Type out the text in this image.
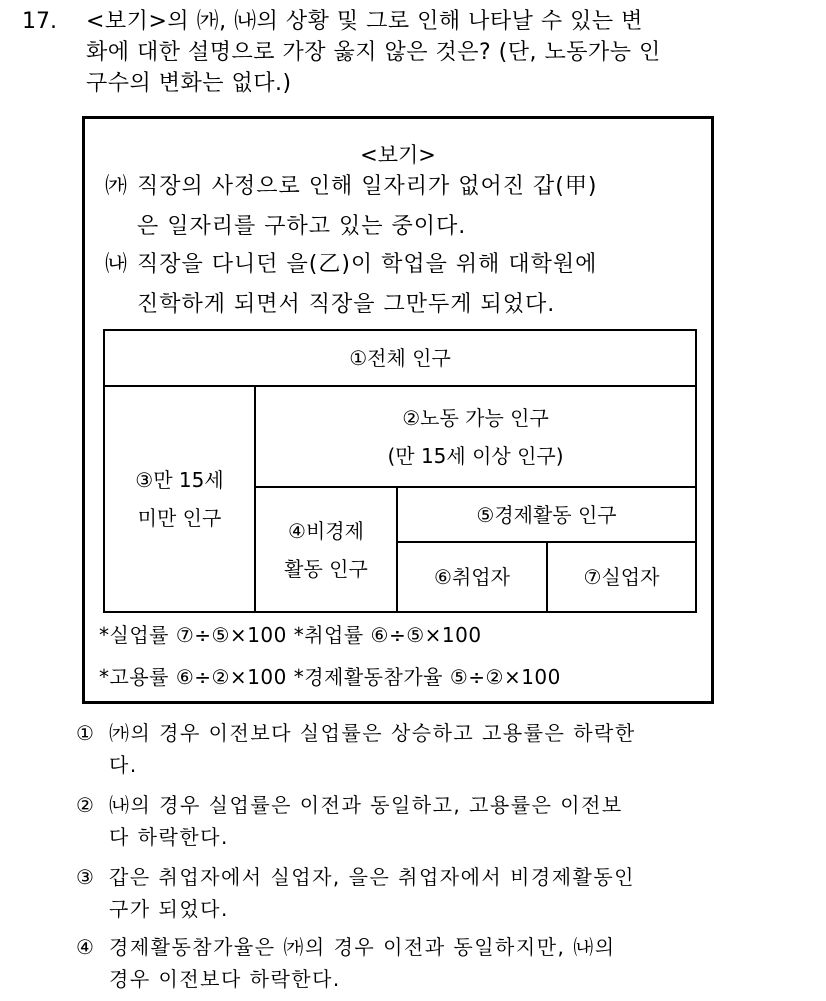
17. <보기>의 ㈎, ㈏의 상황 및 그로 인해 나타날 수 있는 변
화에 대한 설명으로 가장 옳지 않은 것은? (단, 노동가능 인
구수의 변화는 없다.)
<보기>
㈎ 직장의 사정으로 인해 일자리가 없어진 갑(甲)
은 일자리를 구하고 있는 중이다.
㈏ 직장을 다니던 을(乙)이 학업을 위해 대학원에
진학하게 되면서 직장을 그만두게 되었다.
①전체 인구
③만 15세
미만 인구
②노동 가능 인구
(만 15세 이상 인구)
④비경제
활동 인구
⑤경제활동 인구
⑥취업자	⑦실업자
*실업률 ⑦÷⑤×100 *취업률 ⑥÷⑤×100
*고용률 ⑥÷②×100 *경제활동참가율 ⑤÷②×100
① ㈎의 경우 이전보다 실업률은 상승하고 고용률은 하락한
다.
② ㈏의 경우 실업률은 이전과 동일하고, 고용률은 이전보
다 하락한다.
③ 갑은 취업자에서 실업자, 을은 취업자에서 비경제활동인
구가 되었다.
④ 경제활동참가율은 ㈎의 경우 이전과 동일하지만, ㈏의
경우 이전보다 하락한다.
